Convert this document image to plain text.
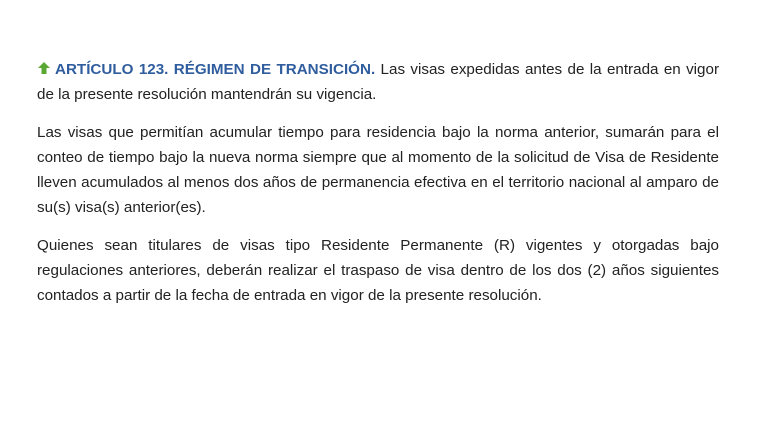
ARTÍCULO 123. RÉGIMEN DE TRANSICIÓN. Las visas expedidas antes de la entrada en vigor de la presente resolución mantendrán su vigencia.

Las visas que permitían acumular tiempo para residencia bajo la norma anterior, sumarán para el conteo de tiempo bajo la nueva norma siempre que al momento de la solicitud de Visa de Residente lleven acumulados al menos dos años de permanencia efectiva en el territorio nacional al amparo de su(s) visa(s) anterior(es).

Quienes sean titulares de visas tipo Residente Permanente (R) vigentes y otorgadas bajo regulaciones anteriores, deberán realizar el traspaso de visa dentro de los dos (2) años siguientes contados a partir de la fecha de entrada en vigor de la presente resolución.
